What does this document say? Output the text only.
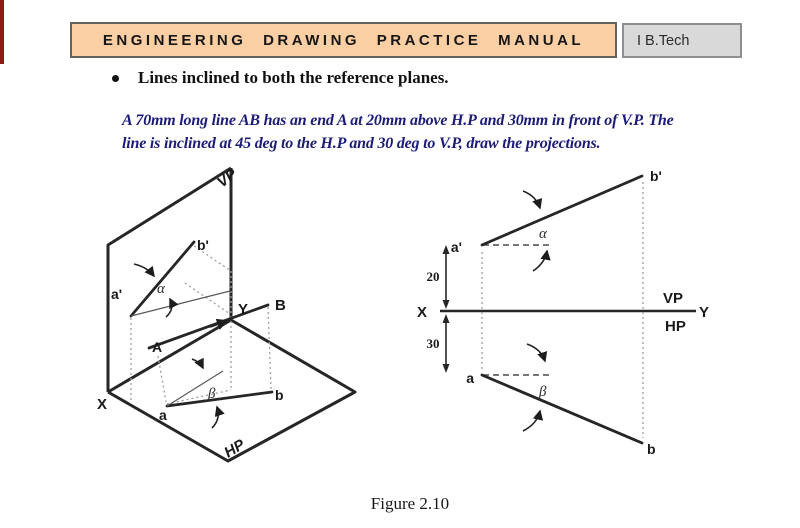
ENGINEERING DRAWING PRACTICE MANUAL	I B.Tech
Lines inclined to both the reference planes.
A 70mm long line AB has an end A at 20mm above H.P and 30mm in front of V.P. The
line is inclined at 45 deg to the H.P and 30 deg to V.P, draw the projections.
VP
HP
X
Y
A
B
a'
b'
a
b
α
β
20
30
X	Y
VP
HP
a'
b'
a
b
α
β
Figure 2.10
